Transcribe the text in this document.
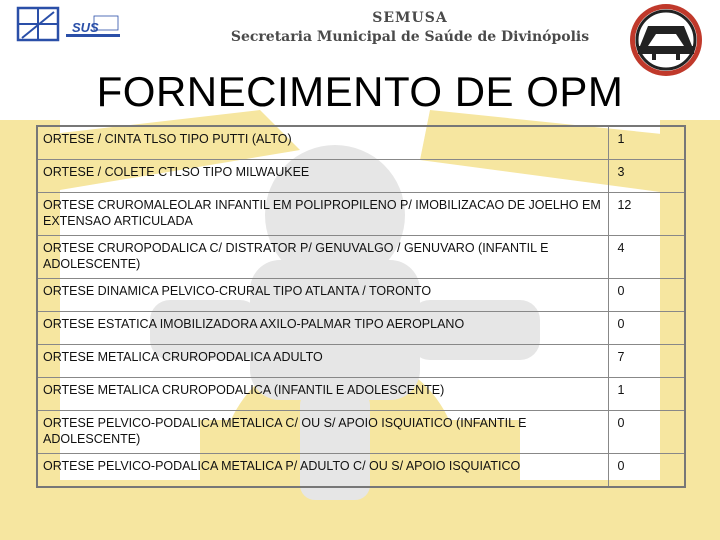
SUS
SEMUSA
Secretaria Municipal de Saúde de Divinópolis
FORNECIMENTO DE OPM
ORTESE / CINTA TLSO TIPO PUTTI (ALTO)	1
ORTESE / COLETE CTLSO TIPO MILWAUKEE	3
ORTESE CRUROMALEOLAR INFANTIL EM POLIPROPILENO P/ IMOBILIZACAO DE JOELHO EM EXTENSAO ARTICULADA	12
ORTESE CRUROPODALICA C/ DISTRATOR P/ GENUVALGO / GENUVARO (INFANTIL E ADOLESCENTE)	4
ORTESE DINAMICA PELVICO-CRURAL TIPO ATLANTA / TORONTO	0
ORTESE ESTATICA IMOBILIZADORA AXILO-PALMAR TIPO AEROPLANO	0
ORTESE METALICA CRUROPODALICA ADULTO	7
ORTESE METALICA CRUROPODALICA (INFANTIL E ADOLESCENTE)	1
ORTESE PELVICO-PODALICA METALICA C/ OU S/ APOIO ISQUIATICO (INFANTIL E ADOLESCENTE)	0
ORTESE PELVICO-PODALICA METALICA P/ ADULTO C/ OU S/ APOIO ISQUIATICO	0
